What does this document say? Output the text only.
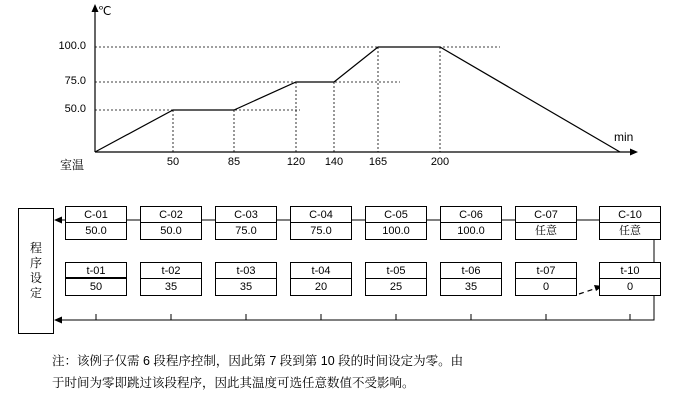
℃
min
100.0
75.0
50.0
50	85	120	140	165	200
室温
程序设定
C-01
50.0
t-01
50
C-02
50.0
t-02
35
C-03
75.0
t-03
35
C-04
75.0
t-04
20
C-05
100.0
t-05
25
C-06
100.0
t-06
35
C-07
任意
t-07
0
C-10
任意
t-10
0

注：该例子仅需 6 段程序控制，因此第 7 段到第 10 段的时间设定为零。由

于时间为零即跳过该段程序，因此其温度可选任意数值不受影响。
